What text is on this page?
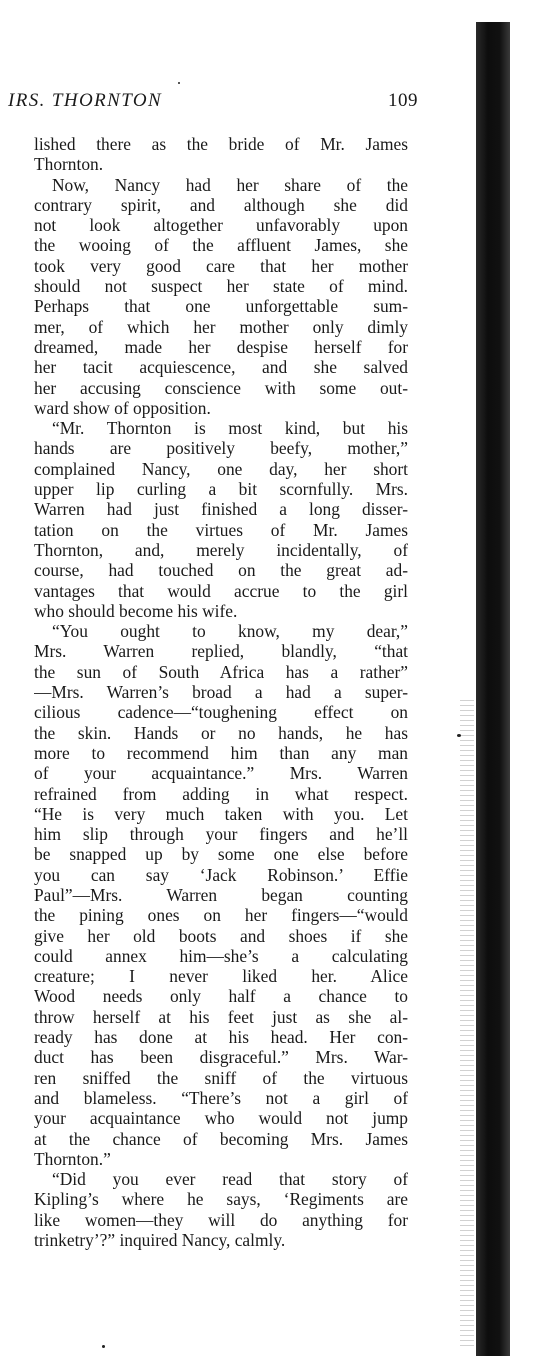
IRS. THORNTON	109
lished there as the bride of Mr. James
Thornton.
Now, Nancy had her share of the
contrary spirit, and although she did
not look altogether unfavorably upon
the wooing of the affluent James, she
took very good care that her mother
should not suspect her state of mind.
Perhaps that one unforgettable sum-
mer, of which her mother only dimly
dreamed, made her despise herself for
her tacit acquiescence, and she salved
her accusing conscience with some out-
ward show of opposition.
“Mr. Thornton is most kind, but his
hands are positively beefy, mother,”
complained Nancy, one day, her short
upper lip curling a bit scornfully. Mrs.
Warren had just finished a long disser-
tation on the virtues of Mr. James
Thornton, and, merely incidentally, of
course, had touched on the great ad-
vantages that would accrue to the girl
who should become his wife.
“You ought to know, my dear,”
Mrs. Warren replied, blandly, “that
the sun of South Africa has a rather”
—Mrs. Warren’s broad a had a super-
cilious cadence—“toughening effect on
the skin. Hands or no hands, he has
more to recommend him than any man
of your acquaintance.” Mrs. Warren
refrained from adding in what respect.
“He is very much taken with you. Let
him slip through your fingers and he’ll
be snapped up by some one else before
you can say ‘Jack Robinson.’ Effie
Paul”—Mrs. Warren began counting
the pining ones on her fingers—“would
give her old boots and shoes if she
could annex him—she’s a calculating
creature; I never liked her. Alice
Wood needs only half a chance to
throw herself at his feet just as she al-
ready has done at his head. Her con-
duct has been disgraceful.” Mrs. War-
ren sniffed the sniff of the virtuous
and blameless. “There’s not a girl of
your acquaintance who would not jump
at the chance of becoming Mrs. James
Thornton.”
“Did you ever read that story of
Kipling’s where he says, ‘Regiments are
like women—they will do anything for
trinketry’?” inquired Nancy, calmly.
